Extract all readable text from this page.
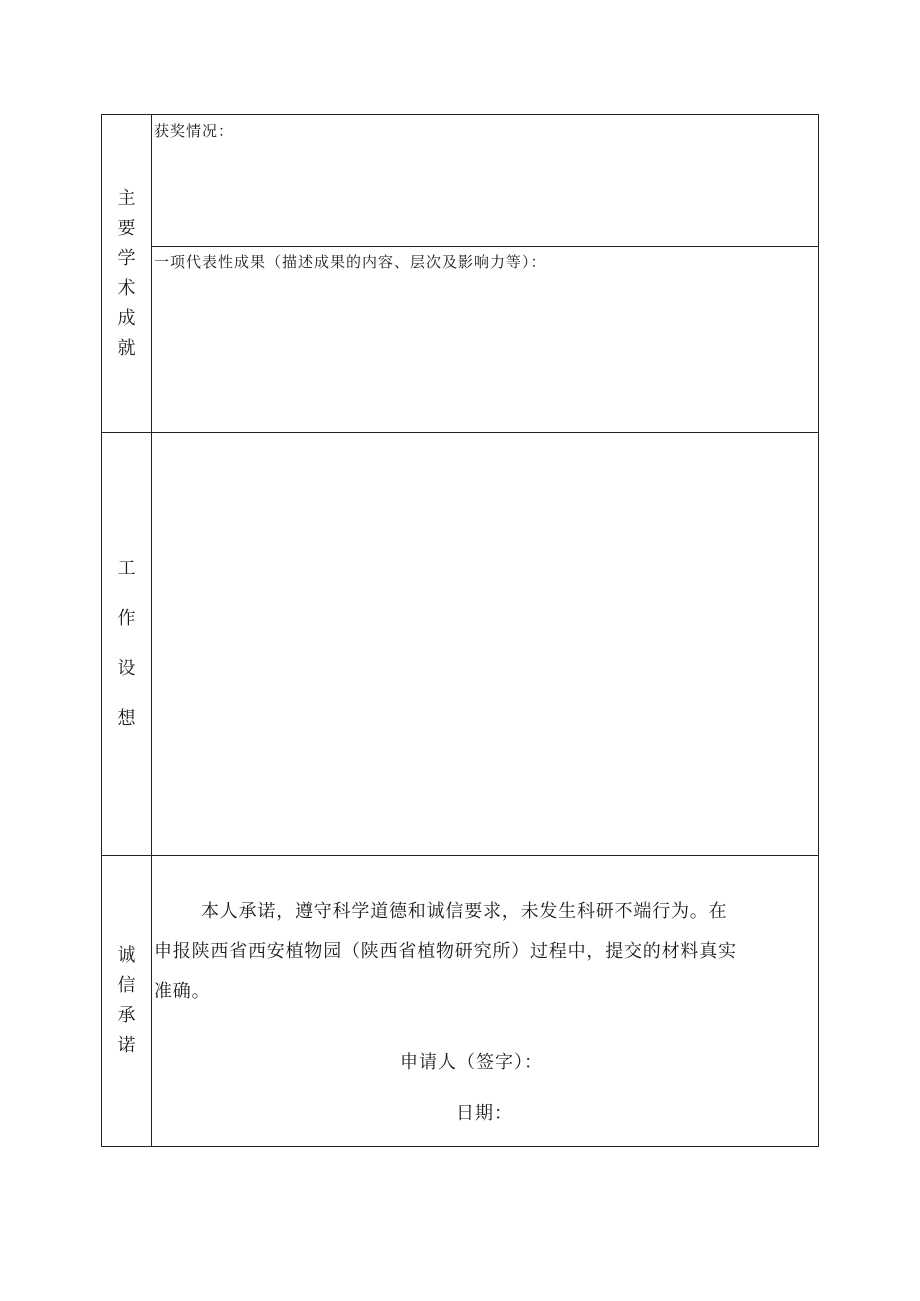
主
要
学
术
成
就
获奖情况：
一项代表性成果（描述成果的内容、层次及影响力等）：
工
作
设
想
诚
信
承
诺
本人承诺，遵守科学道德和诚信要求，未发生科研不端行为。在
申报陕西省西安植物园（陕西省植物研究所）过程中，提交的材料真实
准确。
申请人（签字）：
日期：
